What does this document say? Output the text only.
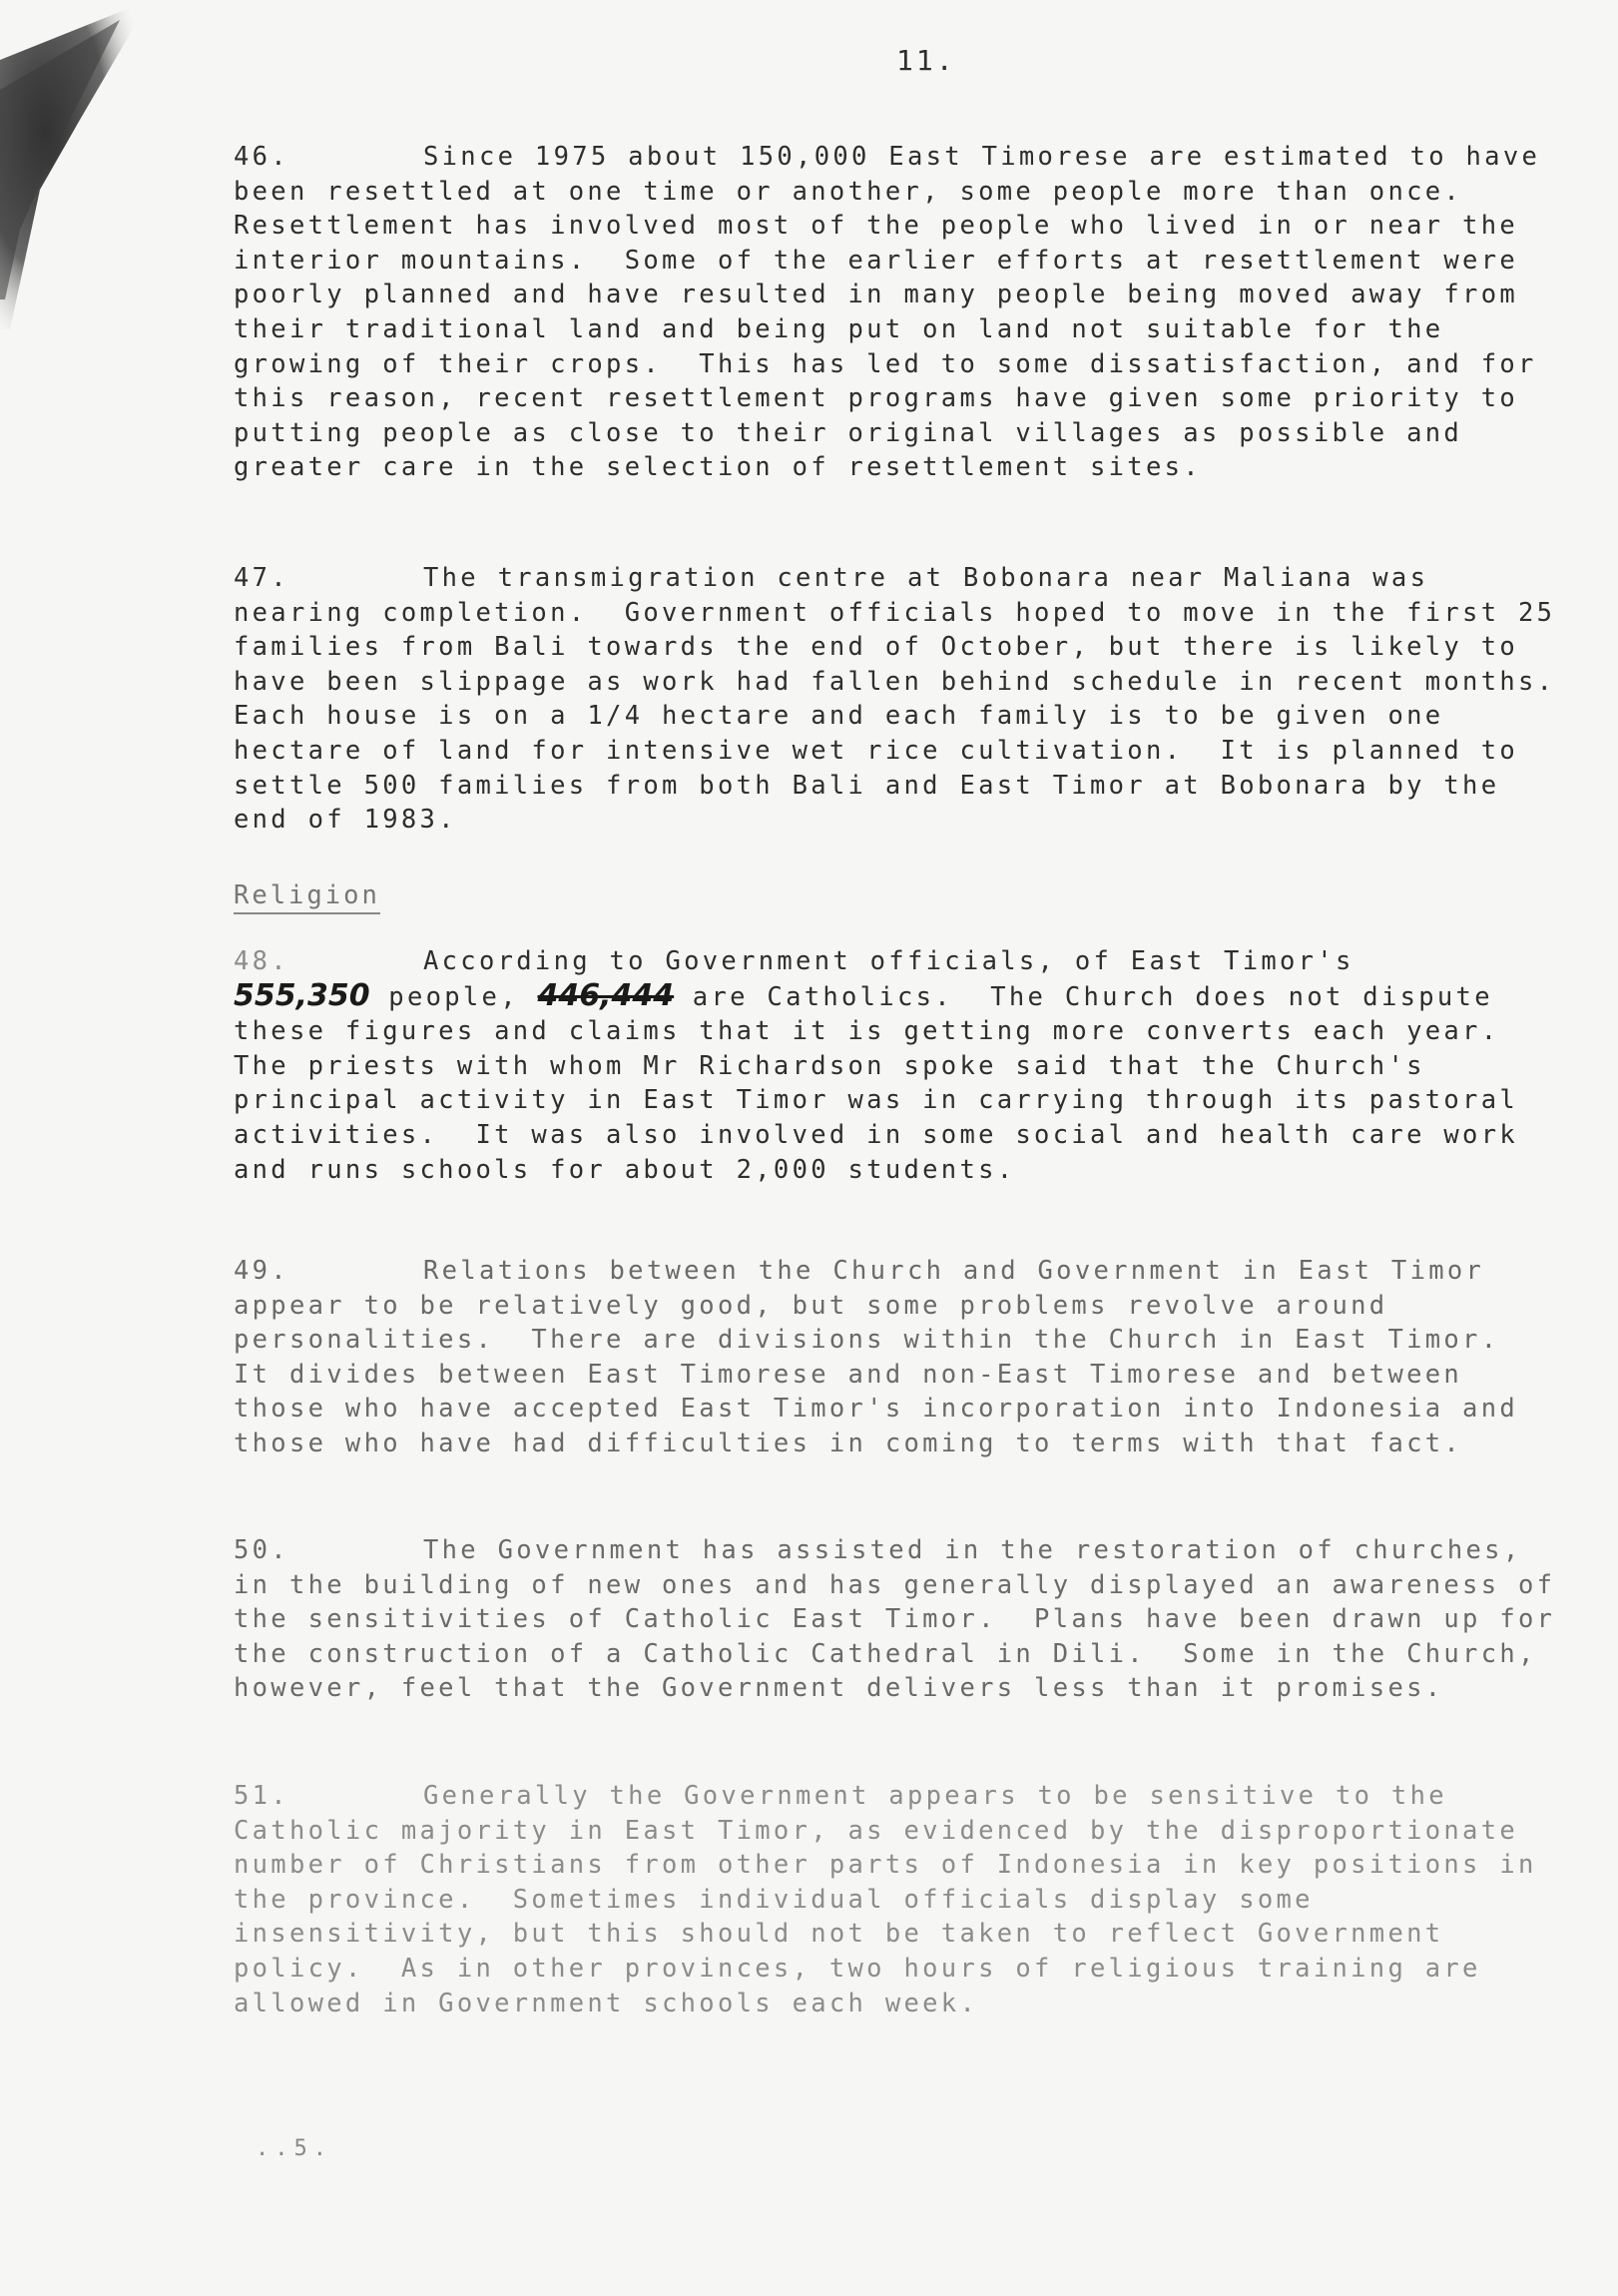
11.

46.	Since 1975 about 150,000 East Timorese are estimated to have been resettled at one time or another, some people more than once.  Resettlement has involved most of the people who lived in or near the interior mountains.  Some of the earlier efforts at resettlement were poorly planned and have resulted in many people being moved away from their traditional land and being put on land not suitable for the growing of their crops.  This has led to some dissatisfaction, and for this reason, recent resettlement programs have given some priority to putting people as close to their original villages as possible and greater care in the selection of resettlement sites.

47.	The transmigration centre at Bobonara near Maliana was nearing completion.  Government officials hoped to move in the first 25 families from Bali towards the end of October, but there is likely to have been slippage as work had fallen behind schedule in recent months.  Each house is on a 1/4 hectare and each family is to be given one hectare of land for intensive wet rice cultivation.  It is planned to settle 500 families from both Bali and East Timor at Bobonara by the end of 1983.

Religion

48.	According to Government officials, of East Timor's
555,350 people, 446,444 are Catholics.  The Church does not dispute these figures and claims that it is getting more converts each year.  The priests with whom Mr Richardson spoke said that the Church's principal activity in East Timor was in carrying through its pastoral activities.  It was also involved in some social and health care work and runs schools for about 2,000 students.

49.	Relations between the Church and Government in East Timor appear to be relatively good, but some problems revolve around personalities.  There are divisions within the Church in East Timor.  It divides between East Timorese and non-East Timorese and between those who have accepted East Timor's incorporation into Indonesia and those who have had difficulties in coming to terms with that fact.

50.	The Government has assisted in the restoration of churches, in the building of new ones and has generally displayed an awareness of the sensitivities of Catholic East Timor.  Plans have been drawn up for the construction of a Catholic Cathedral in Dili.  Some in the Church, however, feel that the Government delivers less than it promises.

51.	Generally the Government appears to be sensitive to the Catholic majority in East Timor, as evidenced by the disproportionate number of Christians from other parts of Indonesia in key positions in the province.  Sometimes individual officials display some insensitivity, but this should not be taken to reflect Government policy.  As in other provinces, two hours of religious training are allowed in Government schools each week.

..5.
